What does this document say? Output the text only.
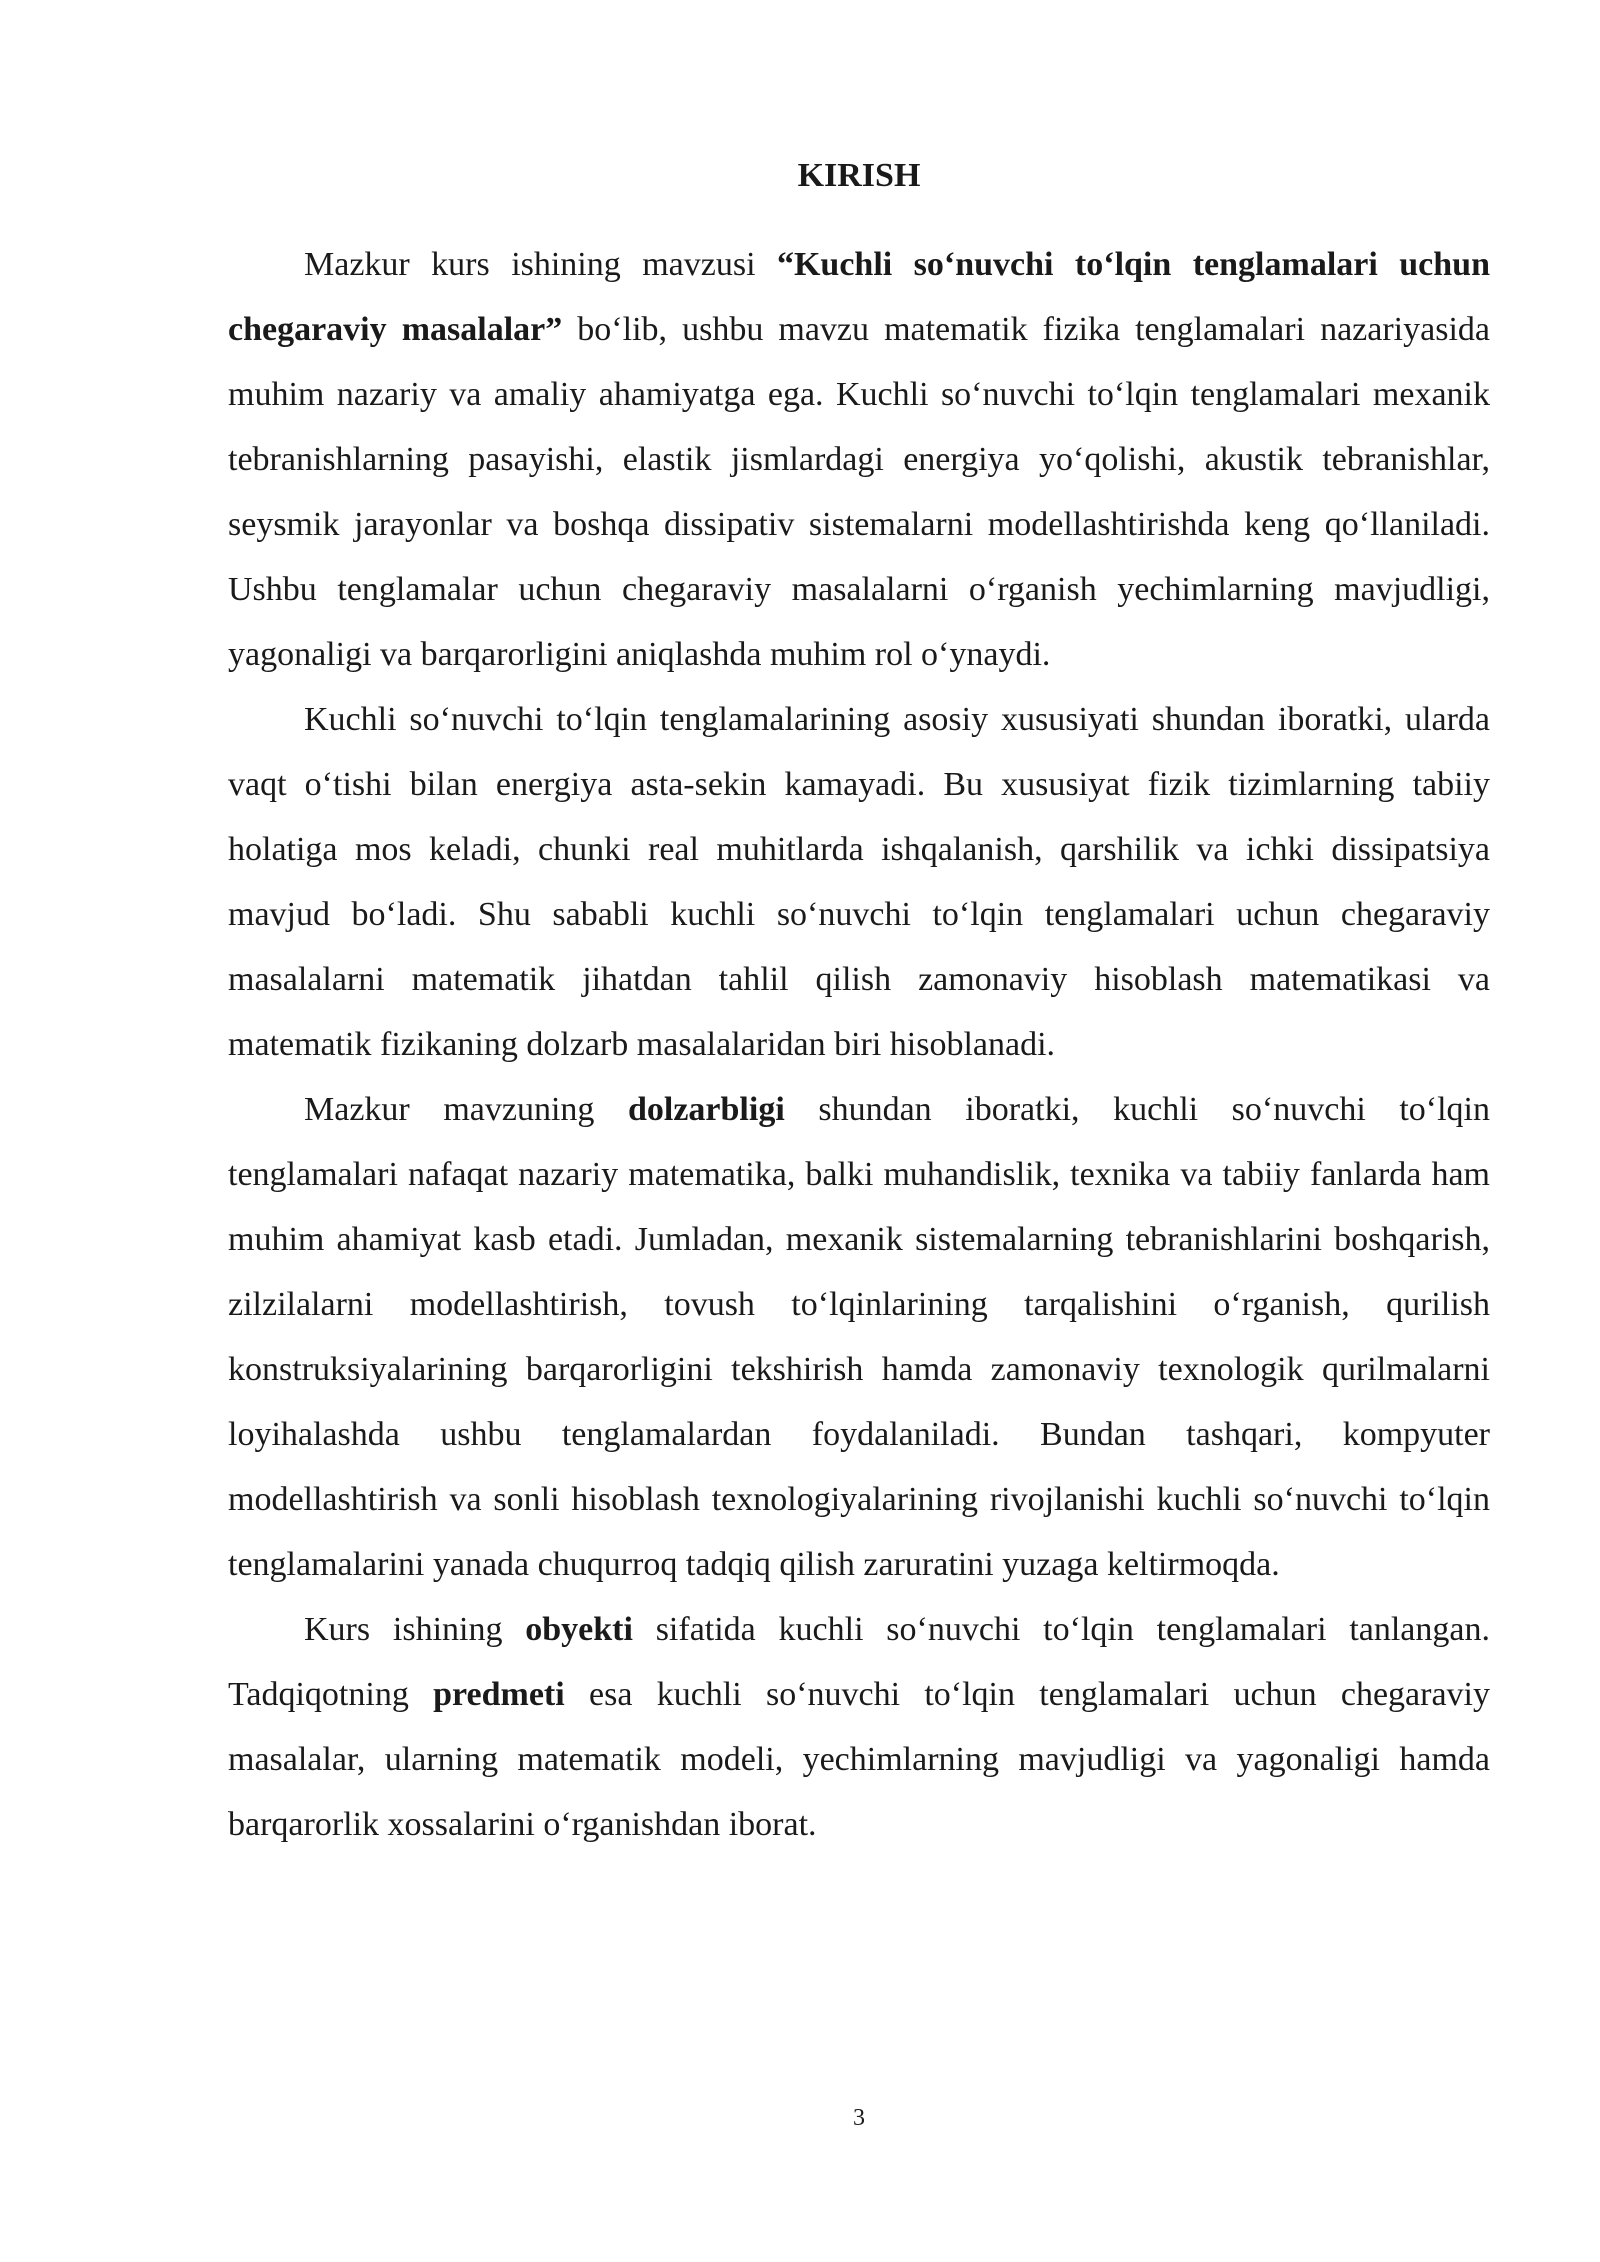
KIRISH

Mazkur kurs ishining mavzusi “Kuchli so‘nuvchi to‘lqin tenglamalari uchun chegaraviy masalalar” bo‘lib, ushbu mavzu matematik fizika tenglamalari nazariyasida muhim nazariy va amaliy ahamiyatga ega. Kuchli so‘nuvchi to‘lqin tenglamalari mexanik tebranishlarning pasayishi, elastik jismlardagi energiya yo‘qolishi, akustik tebranishlar, seysmik jarayonlar va boshqa dissipativ sistemalarni modellashtirishda keng qo‘llaniladi. Ushbu tenglamalar uchun chegaraviy masalalarni o‘rganish yechimlarning mavjudligi, yagonaligi va barqarorligini aniqlashda muhim rol o‘ynaydi.

Kuchli so‘nuvchi to‘lqin tenglamalarining asosiy xususiyati shundan iboratki, ularda vaqt o‘tishi bilan energiya asta-sekin kamayadi. Bu xususiyat fizik tizimlarning tabiiy holatiga mos keladi, chunki real muhitlarda ishqalanish, qarshilik va ichki dissipatsiya mavjud bo‘ladi. Shu sababli kuchli so‘nuvchi to‘lqin tenglamalari uchun chegaraviy masalalarni matematik jihatdan tahlil qilish zamonaviy hisoblash matematikasi va matematik fizikaning dolzarb masalalaridan biri hisoblanadi.

Mazkur mavzuning dolzarbligi shundan iboratki, kuchli so‘nuvchi to‘lqin tenglamalari nafaqat nazariy matematika, balki muhandislik, texnika va tabiiy fanlarda ham muhim ahamiyat kasb etadi. Jumladan, mexanik sistemalarning tebranishlarini boshqarish, zilzilalarni modellashtirish, tovush to‘lqinlarining tarqalishini o‘rganish, qurilish konstruksiyalarining barqarorligini tekshirish hamda zamonaviy texnologik qurilmalarni loyihalashda ushbu tenglamalardan foydalaniladi. Bundan tashqari, kompyuter modellashtirish va sonli hisoblash texnologiyalarining rivojlanishi kuchli so‘nuvchi to‘lqin tenglamalarini yanada chuqurroq tadqiq qilish zaruratini yuzaga keltirmoqda.

Kurs ishining obyekti sifatida kuchli so‘nuvchi to‘lqin tenglamalari tanlangan. Tadqiqotning predmeti esa kuchli so‘nuvchi to‘lqin tenglamalari uchun chegaraviy masalalar, ularning matematik modeli, yechimlarning mavjudligi va yagonaligi hamda barqarorlik xossalarini o‘rganishdan iborat.

3
